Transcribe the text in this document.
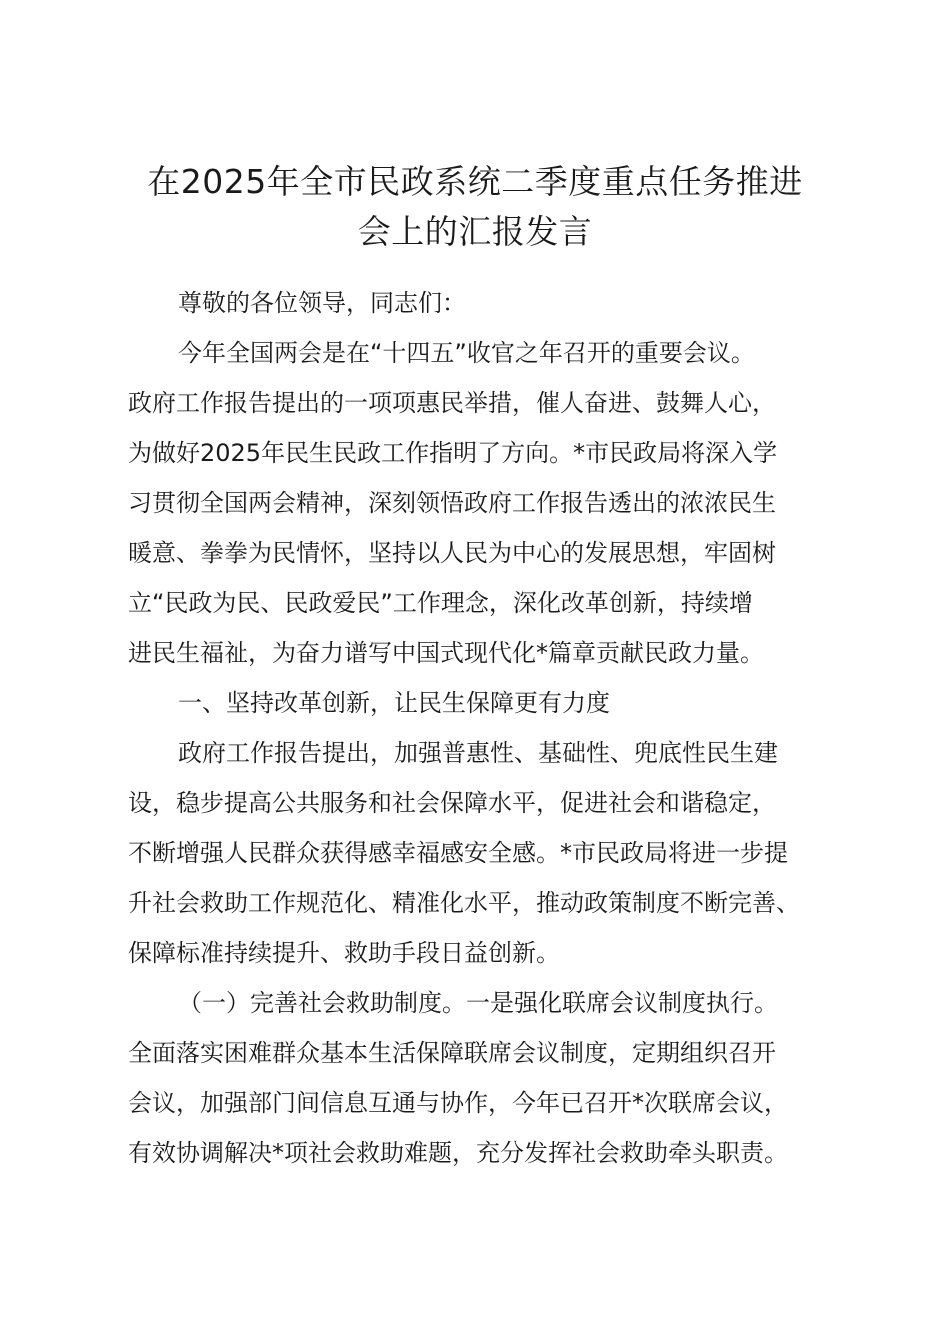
在2025年全市民政系统二季度重点任务推进
会上的汇报发言

尊敬的各位领导，同志们：

今年全国两会是在“十四五”收官之年召开的重要会议。

政府工作报告提出的一项项惠民举措，催人奋进、鼓舞人心，

为做好2025年民生民政工作指明了方向。*市民政局将深入学

习贯彻全国两会精神，深刻领悟政府工作报告透出的浓浓民生

暖意、拳拳为民情怀，坚持以人民为中心的发展思想，牢固树

立“民政为民、民政爱民”工作理念，深化改革创新，持续增

进民生福祉，为奋力谱写中国式现代化*篇章贡献民政力量。

一、坚持改革创新，让民生保障更有力度

政府工作报告提出，加强普惠性、基础性、兜底性民生建

设，稳步提高公共服务和社会保障水平，促进社会和谐稳定，

不断增强人民群众获得感幸福感安全感。*市民政局将进一步提

升社会救助工作规范化、精准化水平，推动政策制度不断完善、

保障标准持续提升、救助手段日益创新。

（一）完善社会救助制度。一是强化联席会议制度执行。

全面落实困难群众基本生活保障联席会议制度，定期组织召开

会议，加强部门间信息互通与协作，今年已召开*次联席会议，

有效协调解决*项社会救助难题，充分发挥社会救助牵头职责。
